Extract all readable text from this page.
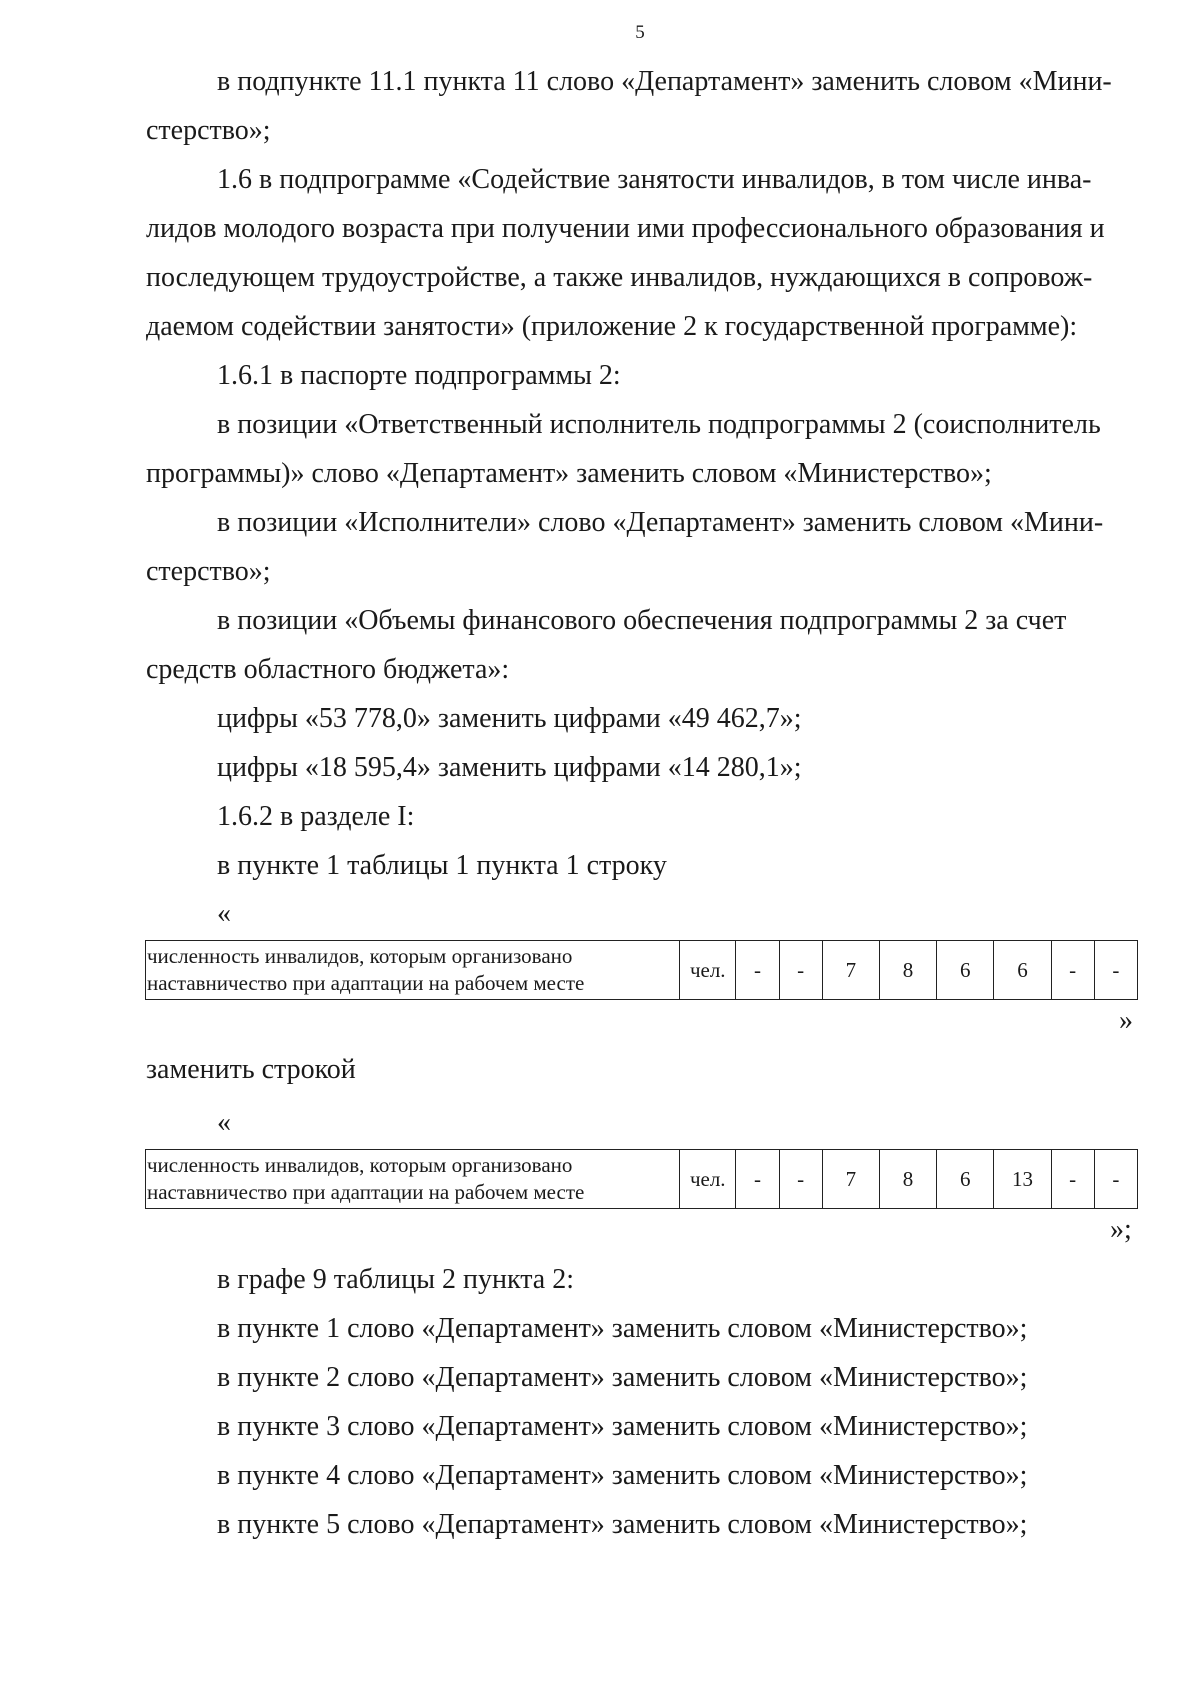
5
в подпункте 11.1 пункта 11 слово «Департамент» заменить словом «Мини-
стерство»;
1.6 в подпрограмме «Содействие занятости инвалидов, в том числе инва-
лидов молодого возраста при получении ими профессионального образования и
последующем трудоустройстве, а также инвалидов, нуждающихся в сопровож-
даемом содействии занятости» (приложение 2 к государственной программе):
1.6.1 в паспорте подпрограммы 2:
в позиции «Ответственный исполнитель подпрограммы 2 (соисполнитель
программы)» слово «Департамент» заменить словом «Министерство»;
в позиции «Исполнители» слово «Департамент» заменить словом «Мини-
стерство»;
в позиции «Объемы финансового обеспечения подпрограммы 2 за счет
средств областного бюджета»:
цифры «53 778,0» заменить цифрами «49 462,7»;
цифры «18 595,4» заменить цифрами «14 280,1»;
1.6.2 в разделе I:
в пункте 1 таблицы 1 пункта 1 строку
«
численность инвалидов, которым организовано
наставничество при адаптации на рабочем месте	чел.	-	-	7	8	6	6	-	-
»
заменить строкой
«
численность инвалидов, которым организовано
наставничество при адаптации на рабочем месте	чел.	-	-	7	8	6	13	-	-
»;
в графе 9 таблицы 2 пункта 2:
в пункте 1 слово «Департамент» заменить словом «Министерство»;
в пункте 2 слово «Департамент» заменить словом «Министерство»;
в пункте 3 слово «Департамент» заменить словом «Министерство»;
в пункте 4 слово «Департамент» заменить словом «Министерство»;
в пункте 5 слово «Департамент» заменить словом «Министерство»;
